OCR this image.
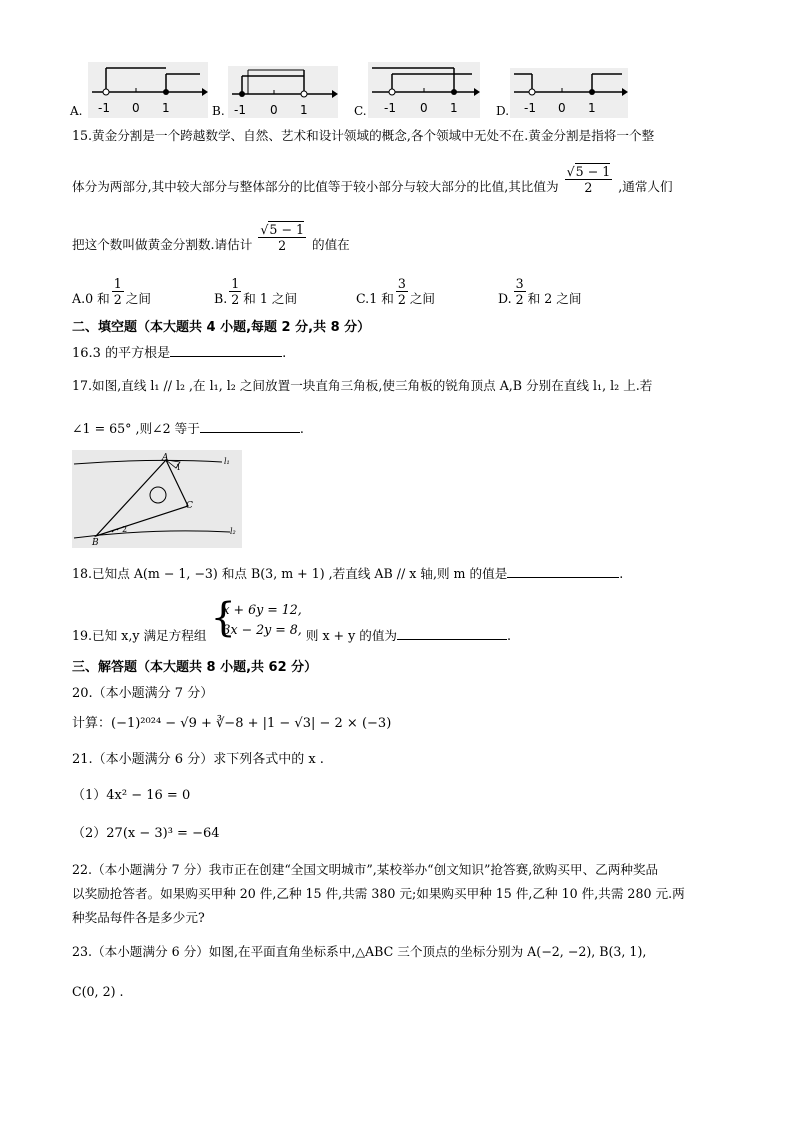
A. -1 0 1	B. -1 0 1	C. -1 0 1	D. -1 0 1
15.黄金分割是一个跨越数学、自然、艺术和设计领域的概念,各个领域中无处不在.黄金分割是指将一个整
体分为两部分,其中较大部分与整体部分的比值等于较小部分与较大部分的比值,其比值为 $\frac{√5 - 1}{2}$ ,通常人们
把这个数叫做黄金分割数.请估计 $\frac{√5 - 1}{2}$ 的值在
A.0 和 $\frac{1}{2}$ 之间	B. $\frac{1}{2}$ 和 1 之间	C.1 和 $\frac{3}{2}$ 之间	D. $\frac{3}{2}$ 和 2 之间
二、填空题（本大题共 4 小题,每题 2 分,共 8 分）
16.3 的平方根是	.
17.如图,直线 l₁ // l₂ ,在 l₁, l₂ 之间放置一块直角三角板,使三角板的锐角顶点 A,B 分别在直线 l₁, l₂ 上.若
∠1 = 65° ,则∠2 等于	.
A
B
C
1
2
l₁
l₂
18.已知点 A(m − 1, −3) 和点 B(3, m + 1) ,若直线 AB // x 轴,则 m 的值是	.
19.已知 x,y 满足方程组 {
x + 6y = 12,
3x − 2y = 8, 则 x + y 的值为	.
三、解答题（本大题共 8 小题,共 62 分）
20.（本小题满分 7 分）
计算：(−1)²⁰²⁴ − √9 + ∛−8 + |1 − √3| − 2 × (−3)
21.（本小题满分 6 分）求下列各式中的 x .
（1）4x² − 16 = 0
（2）27(x − 3)³ = −64
22.（本小题满分 7 分）我市正在创建“全国文明城市”,某校举办“创文知识”抢答赛,欲购买甲、乙两种奖品
以奖励抢答者。如果购买甲种 20 件,乙种 15 件,共需 380 元;如果购买甲种 15 件,乙种 10 件,共需 280 元.两
种奖品每件各是多少元?
23.（本小题满分 6 分）如图,在平面直角坐标系中,△ABC 三个顶点的坐标分别为 A(−2, −2), B(3, 1),
C(0, 2) .
